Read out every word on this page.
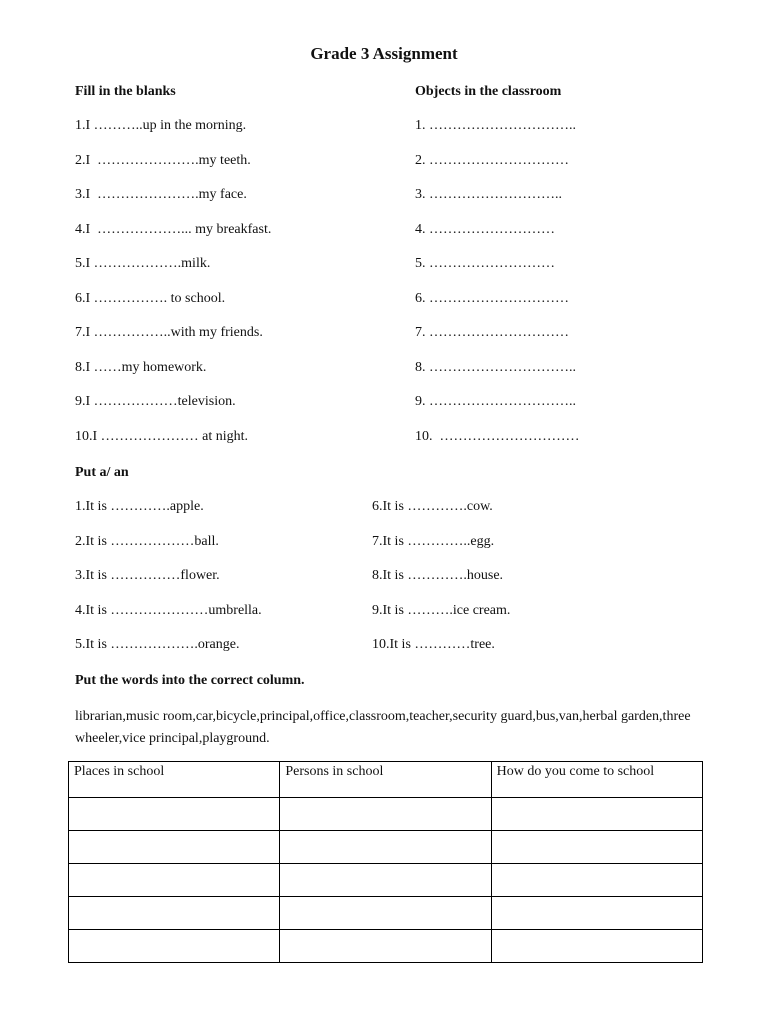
Grade 3 Assignment
Fill in the blanks
1.I ………..up in the morning.
2.I  ………………….my teeth.
3.I  ………………….my face.
4.I  ………………... my breakfast.
5.I ……………….milk.
6.I ……………. to school.
7.I ……………..with my friends.
8.I ……my homework.
9.I ………………television.
10.I ………………… at night.
Objects in the classroom
1. …………………………..
2. …………………………
3. ………………………..
4. ………………………
5. ………………………
6. …………………………
7. …………………………
8. …………………………..
9. …………………………..
10.  …………………………
Put a/ an
1.It is ………….apple.
2.It is ………………ball.
3.It is ……………flower.
4.It is …………………umbrella.
5.It is ……………….orange.
6.It is ………….cow.
7.It is …………..egg.
8.It is ………….house.
9.It is ……….ice cream.
10.It is …………tree.
Put the words into the correct column.
librarian,music room,car,bicycle,principal,office,classroom,teacher,security guard,bus,van,herbal garden,three wheeler,vice principal,playground.
Places in school	Persons in school	How do you come to school
